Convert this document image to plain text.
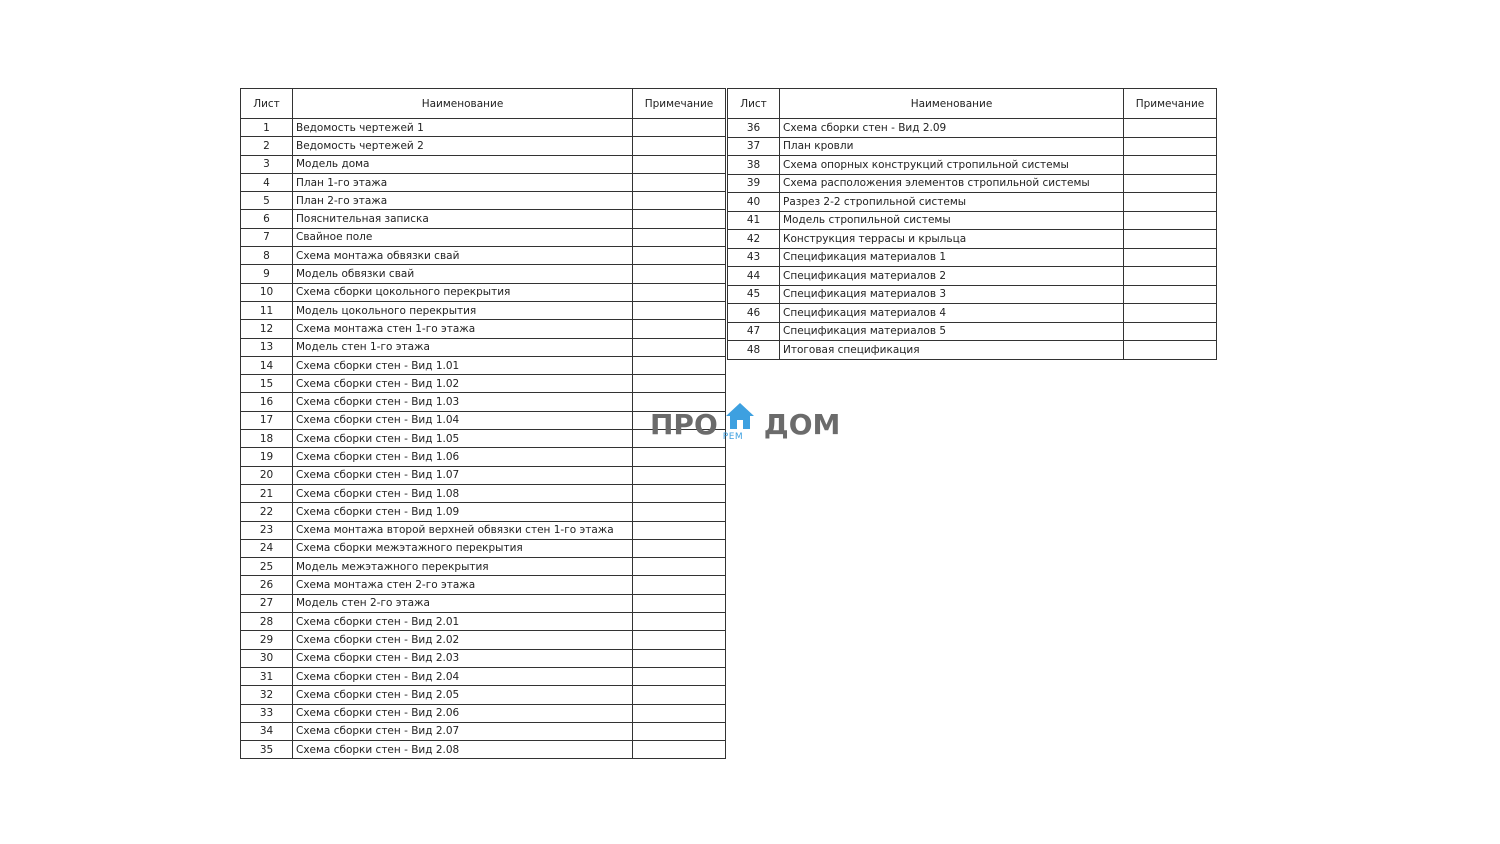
Лист	Наименование	Примечание
1	Ведомость чертежей 1	
2	Ведомость чертежей 2	
3	Модель дома	
4	План 1-го этажа	
5	План 2-го этажа	
6	Пояснительная записка	
7	Свайное поле	
8	Схема монтажа обвязки свай	
9	Модель обвязки свай	
10	Схема сборки цокольного перекрытия	
11	Модель цокольного перекрытия	
12	Схема монтажа стен 1-го этажа	
13	Модель стен 1-го этажа	
14	Схема сборки стен - Вид 1.01	
15	Схема сборки стен - Вид 1.02	
16	Схема сборки стен - Вид 1.03	
17	Схема сборки стен - Вид 1.04	
18	Схема сборки стен - Вид 1.05	
19	Схема сборки стен - Вид 1.06	
20	Схема сборки стен - Вид 1.07	
21	Схема сборки стен - Вид 1.08	
22	Схема сборки стен - Вид 1.09	
23	Схема монтажа второй верхней обвязки стен 1-го этажа	
24	Схема сборки межэтажного перекрытия	
25	Модель межэтажного перекрытия	
26	Схема монтажа стен 2-го этажа	
27	Модель стен 2-го этажа	
28	Схема сборки стен - Вид 2.01	
29	Схема сборки стен - Вид 2.02	
30	Схема сборки стен - Вид 2.03	
31	Схема сборки стен - Вид 2.04	
32	Схема сборки стен - Вид 2.05	
33	Схема сборки стен - Вид 2.06	
34	Схема сборки стен - Вид 2.07	
35	Схема сборки стен - Вид 2.08	
Лист	Наименование	Примечание
36	Схема сборки стен - Вид 2.09	
37	План кровли	
38	Схема опорных конструкций стропильной системы	
39	Схема расположения элементов стропильной системы	
40	Разрез 2-2 стропильной системы	
41	Модель стропильной системы	
42	Конструкция террасы и крыльца	
43	Спецификация материалов 1	
44	Спецификация материалов 2	
45	Спецификация материалов 3	
46	Спецификация материалов 4	
47	Спецификация материалов 5	
48	Итоговая спецификация	
ПРО РЕМ ДОМ
